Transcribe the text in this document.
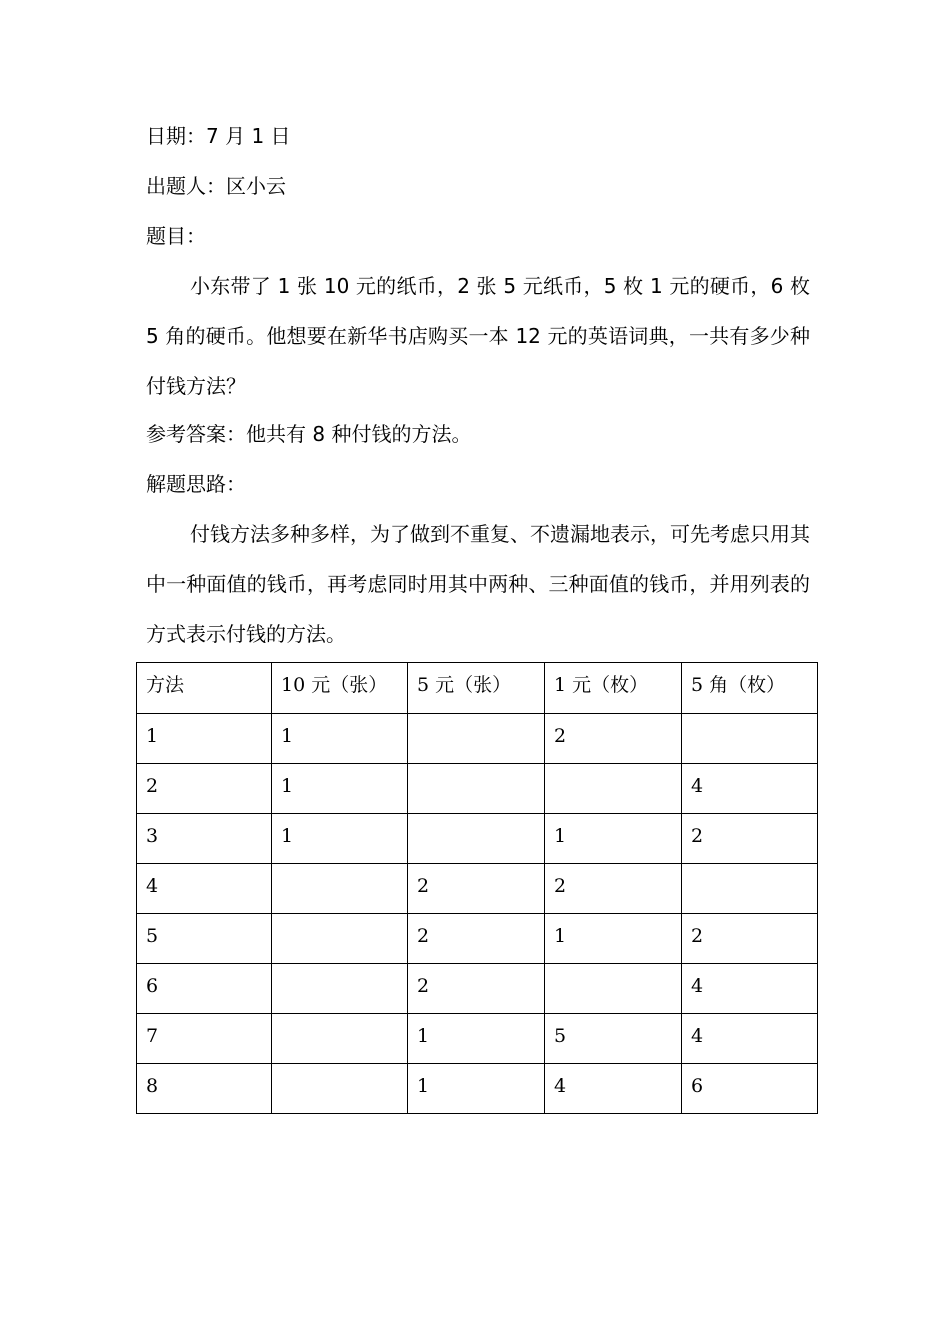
日期：7 月 1 日
出题人：区小云
题目：
小东带了 1 张 10 元的纸币，2 张 5 元纸币，5 枚 1 元的硬币，6 枚 5 角的硬币。他想要在新华书店购买一本 12 元的英语词典，一共有多少种付钱方法？
参考答案：他共有 8 种付钱的方法。
解题思路：
付钱方法多种多样，为了做到不重复、不遗漏地表示，可先考虑只用其中一种面值的钱币，再考虑同时用其中两种、三种面值的钱币，并用列表的方式表示付钱的方法。
方法	10 元（张）	5 元（张）	1 元（枚）	5 角（枚）
1	1		2	
2	1			4
3	1		1	2
4		2	2	
5		2	1	2
6		2		4
7		1	5	4
8		1	4	6
